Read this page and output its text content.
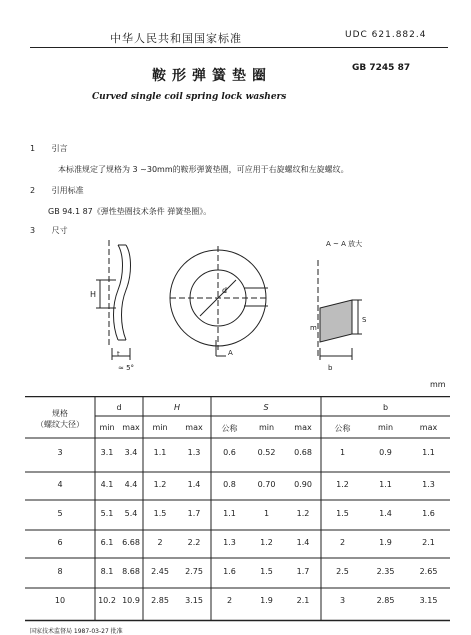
中华人民共和国国家标准	UDC 621.882.4
鞍形弹簧垫圈	GB 7245 87
Curved single coil spring lock washers
1 引言
本标准规定了规格为 3 ~30mm的鞍形弹簧垫圈，可应用于右旋螺纹和左旋螺纹。
2 引用标准
GB 94.1 87《弹性垫圈技术条件 弹簧垫圈》。
3 尺寸
H
t
≈ 5°
d
A
A ~ A 放大
S
b
m
mm
规格
（螺纹大径）
d	H	S	b
min max	min	max	公称	min	max	公称	min	max
3	3.1	3.4	1.1	1.3	0.6	0.52	0.68	1	0.9	1.1
4	4.1	4.4	1.2	1.4	0.8	0.70	0.90	1.2	1.1	1.3
5	5.1	5.4	1.5	1.7	1.1	1	1.2	1.5	1.4	1.6
6	6.1	6.68	2	2.2	1.3	1.2	1.4	2	1.9	2.1
8	8.1	8.68	2.45	2.75	1.6	1.5	1.7	2.5	2.35	2.65
10	10.2 10.9	2.85	3.15	2	1.9	2.1	3	2.85	3.15
国家技术监督局 1987-03-27 批准
